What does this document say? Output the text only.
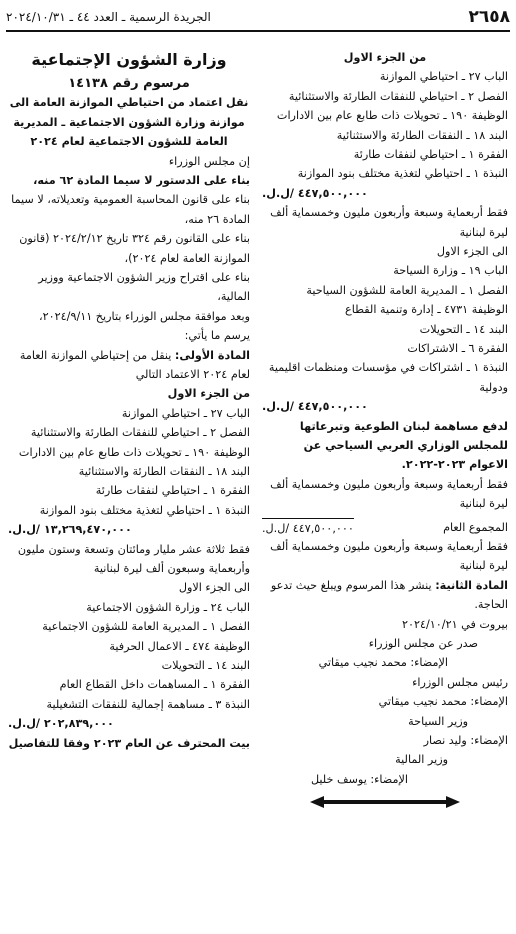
٢٦٥٨
الجريدة الرسمية ـ العدد ٤٤ ـ ٢٠٢٤/١٠/٣١
من الجزء الاول
الباب ٢٧ ـ احتياطي الموازنة
الفصل ٢ ـ احتياطي للنفقات الطارئة والاستثنائية
الوظيفة ١٩٠ ـ تحويلات ذات طابع عام بين الادارات
البند ١٨ ـ النفقات الطارئة والاستثنائية
الفقرة ١ ـ احتياطي لنفقات طارئة
النبذة ١ ـ احتياطي لتغذية مختلف بنود الموازنة
٤٤٧,٥٠٠,٠٠٠ /ل.ل.
فقط أربعماية وسبعة وأربعون مليون وخمسماية ألف ليرة لبنانية
الى الجزء الاول
الباب ١٩ ـ وزارة السياحة
الفصل ١ ـ المديرية العامة للشؤون السياحية
الوظيفة ٤٧٣١ ـ إدارة وتنمية القطاع
البند ١٤ ـ التحويلات
الفقرة ٦ ـ الاشتراكات
النبذة ١ ـ اشتراكات في مؤسسات ومنظمات اقليمية ودولية
٤٤٧,٥٠٠,٠٠٠ /ل.ل.
لدفع مساهمة لبنان الطوعية وتبرعاتها للمجلس الوزاري العربي السياحي عن الاعوام ٢٠٢٣-٢٠٢٢.
فقط أربعماية وسبعة وأربعون مليون وخمسماية ألف ليرة لبنانية
المجموع العام
٤٤٧,٥٠٠,٠٠٠ /ل.ل.
فقط أربعماية وسبعة وأربعون مليون وخمسماية ألف ليرة لبنانية
المادة الثانية: ينشر هذا المرسوم ويبلغ حيث تدعو الحاجة.
بيروت في ٢٠٢٤/١٠/٢١
صدر عن مجلس الوزراء
الإمضاء: محمد نجيب ميقاتي
رئيس مجلس الوزراء
الإمضاء: محمد نجيب ميقاتي
وزير السياحة
الإمضاء: وليد نصار
وزير المالية
الإمضاء: يوسف خليل
وزارة الشؤون الإجتماعية
مرسوم رقم ١٤١٣٨
نقل اعتماد من احتياطي الموازنة العامة الى موازنة وزارة الشؤون الاجتماعية ـ المديرية العامة للشؤون الاجتماعية لعام ٢٠٢٤
إن مجلس الوزراء
بناء على الدستور لا سيما المادة ٦٢ منه،
بناء على قانون المحاسبة العمومية وتعديلاته، لا سيما المادة ٢٦ منه،
بناء على القانون رقم ٣٢٤ تاريخ ٢٠٢٤/٢/١٢ (قانون الموازنة العامة لعام ٢٠٢٤)،
بناء على اقتراح وزير الشؤون الاجتماعية ووزير المالية،
وبعد موافقة مجلس الوزراء بتاريخ ٢٠٢٤/٩/١١،
يرسم ما يأتي:
المادة الأولى: ينقل من إحتياطي الموازنة العامة لعام ٢٠٢٤ الاعتماد التالي
من الجزء الاول
الباب ٢٧ ـ احتياطي الموازنة
الفصل ٢ ـ احتياطي للنفقات الطارئة والاستثنائية
الوظيفة ١٩٠ ـ تحويلات ذات طابع عام بين الادارات
البند ١٨ ـ النفقات الطارئة والاستثنائية
الفقرة ١ ـ احتياطي لنفقات طارئة
النبذة ١ ـ احتياطي لتغذية مختلف بنود الموازنة
١٣,٢٦٩,٤٧٠,٠٠٠ /ل.ل.
فقط ثلاثة عشر مليار ومائتان وتسعة وستون مليون وأربعماية وسبعون ألف ليرة لبنانية
الى الجزء الاول
الباب ٢٤ ـ وزارة الشؤون الاجتماعية
الفصل ١ ـ المديرية العامة للشؤون الاجتماعية
الوظيفة ٤٧٤ ـ الاعمال الحرفية
البند ١٤ ـ التحويلات
الفقرة ١ ـ المساهمات داخل القطاع العام
النبذة ٣ ـ مساهمة إجمالية للنفقات التشغيلية
٢٠٢,٨٣٩,٠٠٠ /ل.ل.
بيت المحترف عن العام ٢٠٢٣ وفقا للتفاصيل
